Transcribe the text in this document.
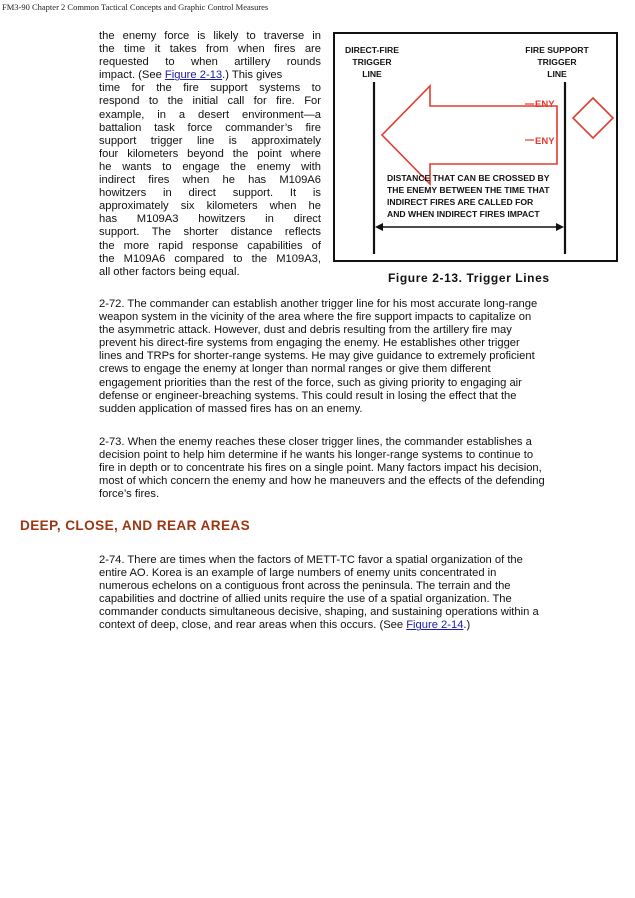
FM3-90 Chapter 2 Common Tactical Concepts and Graphic Control Measures
the enemy force is likely to traverse in
the time it takes from when fires are
requested to when artillery rounds
impact. (See Figure 2-13.) This gives
time for the fire support systems to
respond to the initial call for fire. For
example, in a desert environment—a
battalion task force commander’s fire
support trigger line is approximately
four kilometers beyond the point where
he wants to engage the enemy with
indirect fires when he has M109A6
howitzers in direct support. It is
approximately six kilometers when he
has M109A3 howitzers in direct
support. The shorter distance reflects
the more rapid response capabilities of
the M109A6 compared to the M109A3,
all other factors being equal.
DIRECT-FIRE
TRIGGER
LINE
FIRE SUPPORT
TRIGGER
LINE
ENY
ENY
DISTANCE THAT CAN BE CROSSED BY
THE ENEMY BETWEEN THE TIME THAT
INDIRECT FIRES ARE CALLED FOR
AND WHEN INDIRECT FIRES IMPACT
Figure 2-13. Trigger Lines
2-72. The commander can establish another trigger line for his most accurate long-range
weapon system in the vicinity of the area where the fire support impacts to capitalize on
the asymmetric attack. However, dust and debris resulting from the artillery fire may
prevent his direct-fire systems from engaging the enemy. He establishes other trigger
lines and TRPs for shorter-range systems. He may give guidance to extremely proficient
crews to engage the enemy at longer than normal ranges or give them different
engagement priorities than the rest of the force, such as giving priority to engaging air
defense or engineer-breaching systems. This could result in losing the effect that the
sudden application of massed fires has on an enemy.
2-73. When the enemy reaches these closer trigger lines, the commander establishes a
decision point to help him determine if he wants his longer-range systems to continue to
fire in depth or to concentrate his fires on a single point. Many factors impact his decision,
most of which concern the enemy and how he maneuvers and the effects of the defending
force’s fires.
DEEP, CLOSE, AND REAR AREAS
2-74. There are times when the factors of METT-TC favor a spatial organization of the
entire AO. Korea is an example of large numbers of enemy units concentrated in
numerous echelons on a contiguous front across the peninsula. The terrain and the
capabilities and doctrine of allied units require the use of a spatial organization. The
commander conducts simultaneous decisive, shaping, and sustaining operations within a
context of deep, close, and rear areas when this occurs. (See Figure 2-14.)
